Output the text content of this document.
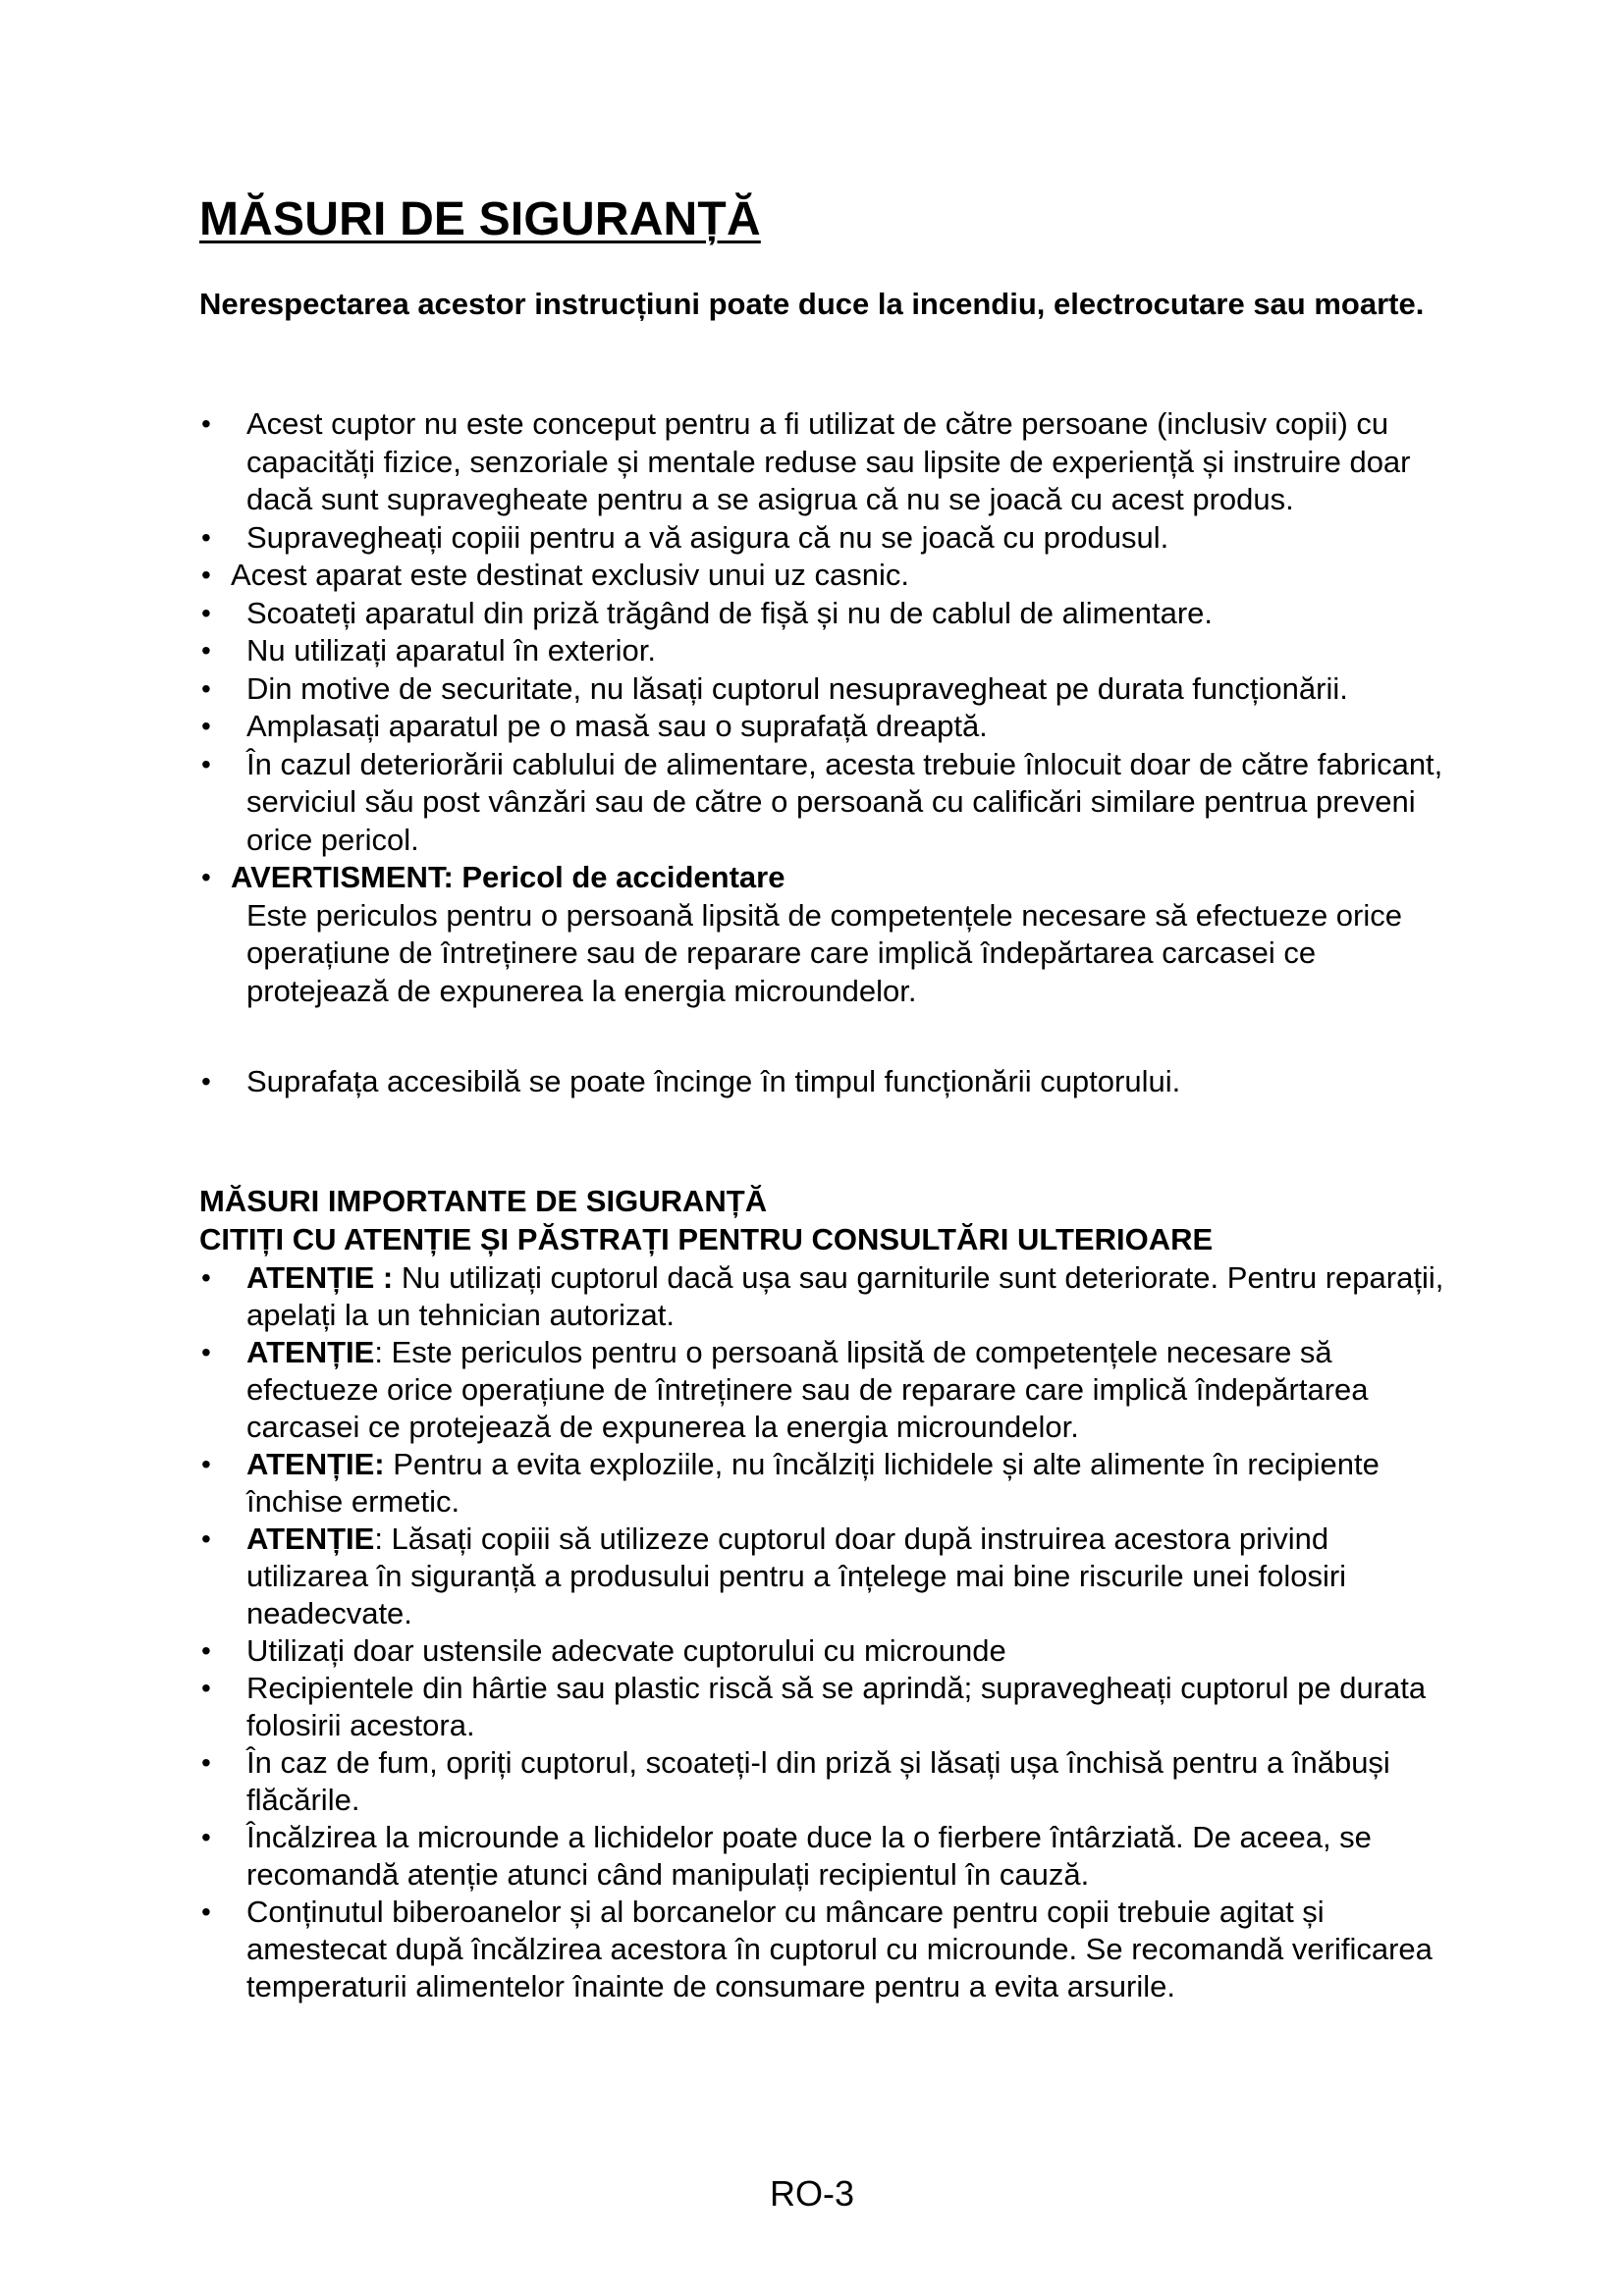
MĂSURI DE SIGURANȚĂ

Nerespectarea acestor instrucțiuni poate duce la incendiu, electrocutare sau moarte.

• Acest cuptor nu este conceput pentru a fi utilizat de către persoane (inclusiv copii) cu capacități fizice, senzoriale și mentale reduse sau lipsite de experiență și instruire doar dacă sunt supravegheate pentru a se asigrua că nu se joacă cu acest produs.
• Supravegheați copiii pentru a vă asigura că nu se joacă cu produsul.
• Acest aparat este destinat exclusiv unui uz casnic.
• Scoateți aparatul din priză trăgând de fișă și nu de cablul de alimentare.
• Nu utilizați aparatul în exterior.
• Din motive de securitate, nu lăsați cuptorul nesupravegheat pe durata funcționării.
• Amplasați aparatul pe o masă sau o suprafață dreaptă.
• În cazul deteriorării cablului de alimentare, acesta trebuie înlocuit doar de către fabricant, serviciul său post vânzări sau de către o persoană cu calificări similare pentrua preveni orice pericol.
• AVERTISMENT: Pericol de accidentare
Este periculos pentru o persoană lipsită de competențele necesare să efectueze orice operațiune de întreținere sau de reparare care implică îndepărtarea carcasei ce protejează de expunerea la energia microundelor.
• Suprafața accesibilă se poate încinge în timpul funcționării cuptorului.
MĂSURI IMPORTANTE DE SIGURANȚĂ
CITIȚI CU ATENȚIE ȘI PĂSTRAȚI PENTRU CONSULTĂRI ULTERIOARE
• ATENȚIE : Nu utilizați cuptorul dacă ușa sau garniturile sunt deteriorate. Pentru reparații, apelați la un tehnician autorizat.
• ATENȚIE: Este periculos pentru o persoană lipsită de competențele necesare să efectueze orice operațiune de întreținere sau de reparare care implică îndepărtarea carcasei ce protejează de expunerea la energia microundelor.
• ATENȚIE: Pentru a evita exploziile, nu încălziți lichidele și alte alimente în recipiente închise ermetic.
• ATENȚIE: Lăsați copiii să utilizeze cuptorul doar după instruirea acestora privind utilizarea în siguranță a produsului pentru a înțelege mai bine riscurile unei folosiri neadecvate.
• Utilizați doar ustensile adecvate cuptorului cu microunde
• Recipientele din hârtie sau plastic riscă să se aprindă; supravegheați cuptorul pe durata folosirii acestora.
• În caz de fum, opriți cuptorul, scoateți-l din priză și lăsați ușa închisă pentru a înăbuși flăcările.
• Încălzirea la microunde a lichidelor poate duce la o fierbere întârziată. De aceea, se recomandă atenție atunci când manipulați recipientul în cauză.
• Conținutul biberoanelor și al borcanelor cu mâncare pentru copii trebuie agitat și amestecat după încălzirea acestora în cuptorul cu microunde. Se recomandă verificarea temperaturii alimentelor înainte de consumare pentru a evita arsurile.
RO-3
